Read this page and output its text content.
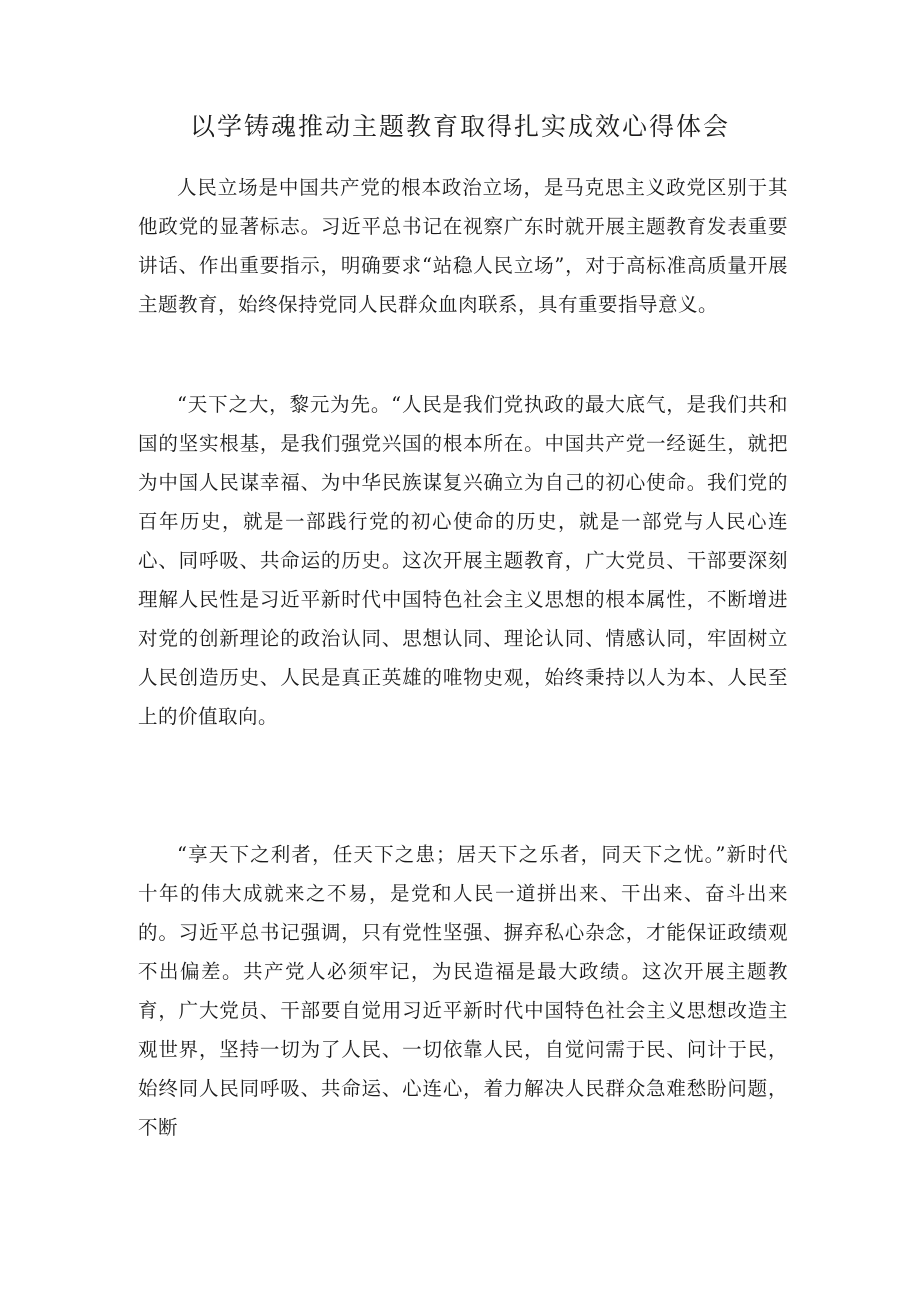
以学铸魂推动主题教育取得扎实成效心得体会

人民立场是中国共产党的根本政治立场，是马克思主义政党区别于其他政党的显著标志。习近平总书记在视察广东时就开展主题教育发表重要讲话、作出重要指示，明确要求“站稳人民立场”，对于高标准高质量开展主题教育，始终保持党同人民群众血肉联系，具有重要指导意义。

“天下之大，黎元为先。“人民是我们党执政的最大底气，是我们共和国的坚实根基，是我们强党兴国的根本所在。中国共产党一经诞生，就把为中国人民谋幸福、为中华民族谋复兴确立为自己的初心使命。我们党的百年历史，就是一部践行党的初心使命的历史，就是一部党与人民心连心、同呼吸、共命运的历史。这次开展主题教育，广大党员、干部要深刻理解人民性是习近平新时代中国特色社会主义思想的根本属性，不断增进对党的创新理论的政治认同、思想认同、理论认同、情感认同，牢固树立人民创造历史、人民是真正英雄的唯物史观，始终秉持以人为本、人民至上的价值取向。

“享天下之利者，任天下之患；居天下之乐者，同天下之忧。”新时代十年的伟大成就来之不易，是党和人民一道拼出来、干出来、奋斗出来的。习近平总书记强调，只有党性坚强、摒弃私心杂念，才能保证政绩观不出偏差。共产党人必须牢记，为民造福是最大政绩。这次开展主题教育，广大党员、干部要自觉用习近平新时代中国特色社会主义思想改造主观世界，坚持一切为了人民、一切依靠人民，自觉问需于民、问计于民，始终同人民同呼吸、共命运、心连心，着力解决人民群众急难愁盼问题，不断
